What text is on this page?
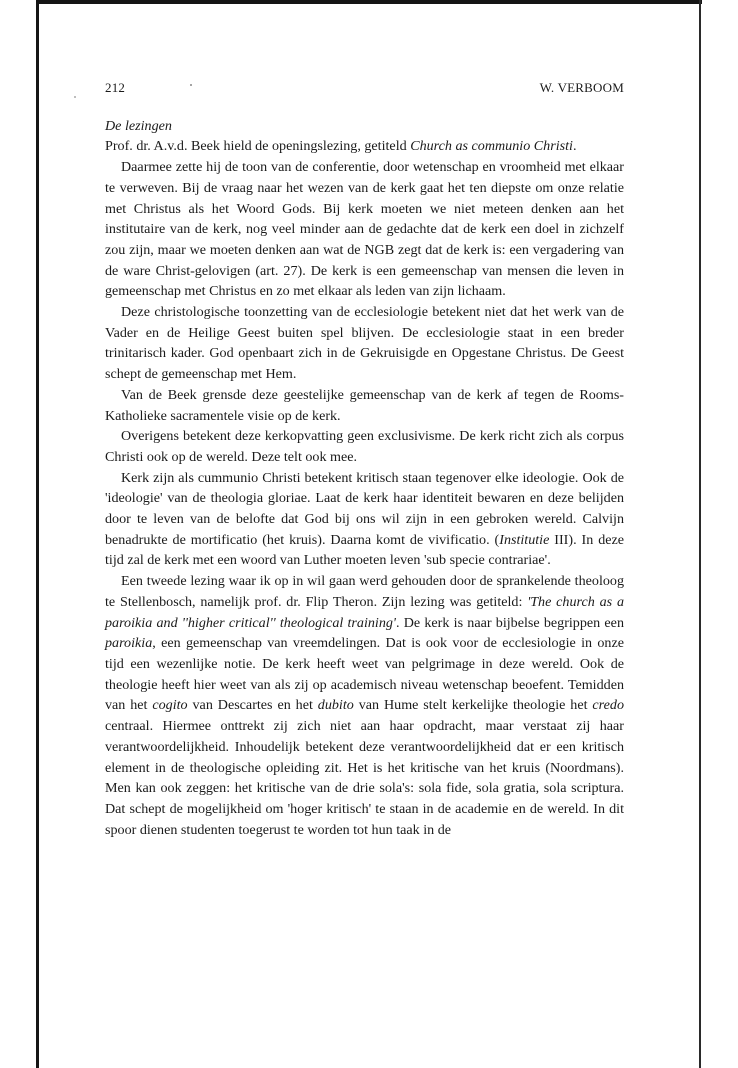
212	W. VERBOOM

De lezingen

Prof. dr. A.v.d. Beek hield de openingslezing, getiteld Church as communio Christi.

Daarmee zette hij de toon van de conferentie, door wetenschap en vroomheid met elkaar te verweven. Bij de vraag naar het wezen van de kerk gaat het ten diepste om onze relatie met Christus als het Woord Gods. Bij kerk moeten we niet meteen denken aan het institutaire van de kerk, nog veel minder aan de gedachte dat de kerk een doel in zichzelf zou zijn, maar we moeten denken aan wat de NGB zegt dat de kerk is: een vergadering van de ware Christ-gelovigen (art. 27). De kerk is een gemeenschap van mensen die leven in gemeenschap met Christus en zo met elkaar als leden van zijn lichaam.

Deze christologische toonzetting van de ecclesiologie betekent niet dat het werk van de Vader en de Heilige Geest buiten spel blijven. De ecclesiologie staat in een breder trinitarisch kader. God openbaart zich in de Gekruisigde en Opgestane Christus. De Geest schept de gemeenschap met Hem.

Van de Beek grensde deze geestelijke gemeenschap van de kerk af tegen de Rooms-Katholieke sacramentele visie op de kerk.

Overigens betekent deze kerkopvatting geen exclusivisme. De kerk richt zich als corpus Christi ook op de wereld. Deze telt ook mee.

Kerk zijn als cummunio Christi betekent kritisch staan tegenover elke ideologie. Ook de 'ideologie' van de theologia gloriae. Laat de kerk haar identiteit bewaren en deze belijden door te leven van de belofte dat God bij ons wil zijn in een gebroken wereld. Calvijn benadrukte de mortificatio (het kruis). Daarna komt de vivificatio. (Institutie III). In deze tijd zal de kerk met een woord van Luther moeten leven 'sub specie contrariae'.

Een tweede lezing waar ik op in wil gaan werd gehouden door de sprankelende theoloog te Stellenbosch, namelijk prof. dr. Flip Theron. Zijn lezing was getiteld: 'The church as a paroikia and ''higher critical'' theological training'. De kerk is naar bijbelse begrippen een paroikia, een gemeenschap van vreemdelingen. Dat is ook voor de ecclesiologie in onze tijd een wezenlijke notie. De kerk heeft weet van pelgrimage in deze wereld. Ook de theologie heeft hier weet van als zij op academisch niveau wetenschap beoefent. Temidden van het cogito van Descartes en het dubito van Hume stelt kerkelijke theologie het credo centraal. Hiermee onttrekt zij zich niet aan haar opdracht, maar verstaat zij haar verantwoordelijkheid. Inhoudelijk betekent deze verantwoordelijkheid dat er een kritisch element in de theologische opleiding zit. Het is het kritische van het kruis (Noordmans). Men kan ook zeggen: het kritische van de drie sola's: sola fide, sola gratia, sola scriptura. Dat schept de mogelijkheid om 'hoger kritisch' te staan in de academie en de wereld. In dit spoor dienen studenten toegerust te worden tot hun taak in de
